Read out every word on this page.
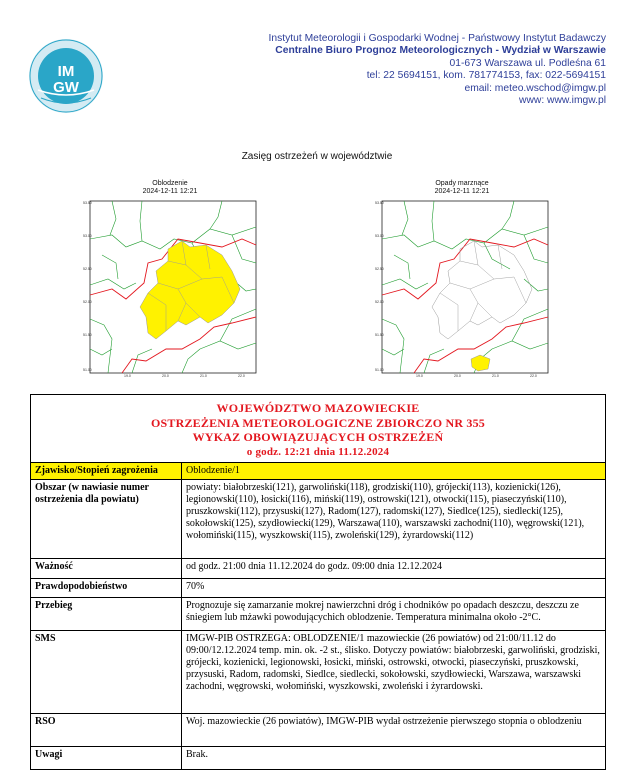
IM
GW
Instytut Meteorologii i Gospodarki Wodnej - Państwowy Instytut Badawczy
Centralne Biuro Prognoz Meteorologicznych - Wydział w Warszawie
01-673 Warszawa ul. Podleśna 61
tel: 22 5694151, kom. 781774153, fax: 022-5694151
email: meteo.wschod@imgw.pl
www: www.imgw.pl
Zasięg ostrzeżeń w województwie
Oblodzenie
2024-12-11 12:21
53.50
53.00
52.50
52.00
51.50
51.00
19.0	20.0	21.0	22.0
Opady marznące
2024-12-11 12:21
53.50
53.00
52.50
52.00
51.50
51.00
19.0	20.0	21.0	22.0
WOJEWÓDZTWO MAZOWIECKIE
OSTRZEŻENIA METEOROLOGICZNE ZBIORCZO NR 355
WYKAZ OBOWIĄZUJĄCYCH OSTRZEŻEŃ
o godz. 12:21 dnia 11.12.2024	

Zjawisko/Stopień zagrożenia	Oblodzenie/1
Obszar (w nawiasie numer ostrzeżenia dla powiatu)	powiaty: białobrzeski(121), garwoliński(118), grodziski(110), grójecki(113), kozienicki(126), legionowski(110), łosicki(116), miński(119), ostrowski(121), otwocki(115), piaseczyński(110), pruszkowski(112), przysuski(127), Radom(127), radomski(127), Siedlce(125), siedlecki(125), sokołowski(125), szydłowiecki(129), Warszawa(110), warszawski zachodni(110), węgrowski(121), wołomiński(115), wyszkowski(115), zwoleński(129), żyrardowski(112)
Ważność	od godz. 21:00 dnia 11.12.2024 do godz. 09:00 dnia 12.12.2024
Prawdopodobieństwo	70%
Przebieg	Prognozuje się zamarzanie mokrej nawierzchni dróg i chodników po opadach deszczu, deszczu ze śniegiem lub mżawki powodującychich oblodzenie. Temperatura minimalna około -2°C.
SMS	IMGW-PIB OSTRZEGA: OBLODZENIE/1 mazowieckie (26 powiatów) od 21:00/11.12 do 09:00/12.12.2024 temp. min. ok. -2 st., ślisko. Dotyczy powiatów: białobrzeski, garwoliński, grodziski, grójecki, kozienicki, legionowski, łosicki, miński, ostrowski, otwocki, piaseczyński, pruszkowski, przysuski, Radom, radomski, Siedlce, siedlecki, sokołowski, szydłowiecki, Warszawa, warszawski zachodni, węgrowski, wołomiński, wyszkowski, zwoleński i żyrardowski.
RSO	Woj. mazowieckie (26 powiatów), IMGW-PIB wydał ostrzeżenie pierwszego stopnia o oblodzeniu
Uwagi	Brak.
